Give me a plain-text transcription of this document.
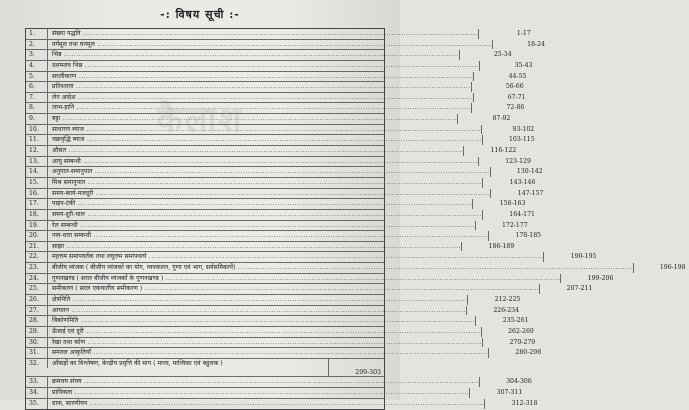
कैलाश
-: विषय सूची :-
1.	संख्या पद्धति ................................................................................................................................................................	1-17
2.	वर्गमूल तथा घनमूल ................................................................................................................................................................	18-24
3.	भिन्न ................................................................................................................................................................	25-34
4.	दशमलव भिन्न ................................................................................................................................................................	35-43
5.	सरलीकरण ................................................................................................................................................................	44-55
6.	प्रतिशतता ................................................................................................................................................................	56-66
7.	लेन आदेश ................................................................................................................................................................	67-71
8.	लाभ-हानि ................................................................................................................................................................	72-86
9.	बट्टा ................................................................................................................................................................	87-92
10.	साधारण ब्याज ................................................................................................................................................................	93-102
11.	चक्रवृद्धि ब्याज ................................................................................................................................................................	103-115
12.	औसत ................................................................................................................................................................	116-122
13.	आयु सम्बन्धी ................................................................................................................................................................	123-129
14.	अनुपात-समानुपात ................................................................................................................................................................	130-142
15.	मिश्र समानुपात ................................................................................................................................................................	143-146
16.	समय-कार्य-मजदूरी ................................................................................................................................................................	147-157
17.	पाइप-टंकी ................................................................................................................................................................	158-163
18.	समय-दूरी-चाल ................................................................................................................................................................	164-171
19.	रेल सम्बन्धी ................................................................................................................................................................	172-177
20.	नाव-धारा सम्बन्धी ................................................................................................................................................................	178-185
21.	साझा ................................................................................................................................................................	186-189
22.	महत्तम समापवर्तक तथा लघुत्तम समापवर्त्य ................................................................................................................................................................	190-195
23.	बीजीय व्यंजक ( बीजीय व्यंजकों का योग, व्यवकलन, गुणा एवं भाग, सर्वसमिकायें) ................................................................................................................................................................	196-198
24.	गुणनखण्ड ( सरल बीजीय व्यंजकों के गुणनखण्ड ) ................................................................................................................................................................	199-206
25.	समीकरण ( सरल एकघातीय समीकरण ) ................................................................................................................................................................	207-211
26.	क्षेत्रमिति ................................................................................................................................................................	212-225
27.	आयतन ................................................................................................................................................................	226-234
28.	त्रिकोणमिति ................................................................................................................................................................	235-261
29.	ऊँचाई एवं दूरी ................................................................................................................................................................	262-269
30.	रेखा तथा कोण ................................................................................................................................................................	270-279
31.	समतल आकृतियाँ ................................................................................................................................................................	280-298
32.	आँकड़ों का विश्लेषण, केन्द्रीय प्रवृत्ति की माप ( माध्य, माध्यिका एवं बहुलक )
299-303
33.	क्रमचय संचय ................................................................................................................................................................	304-306
34.	प्रायिकता ................................................................................................................................................................	307-311
35.	ग्राफ, सारणीयन ................................................................................................................................................................	312-318
